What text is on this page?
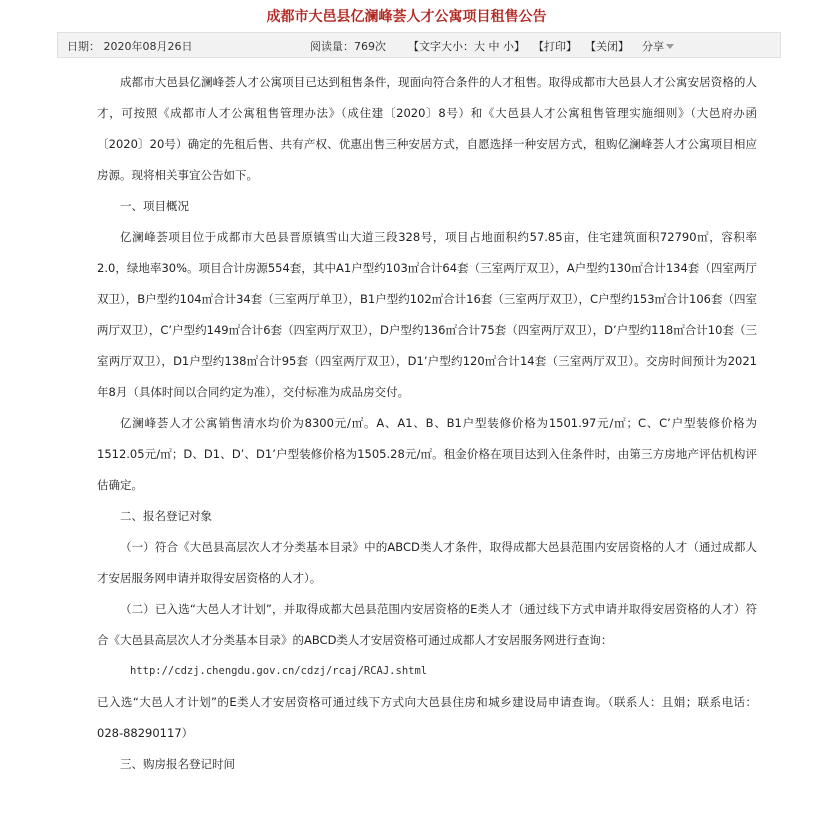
成都市大邑县亿澜峰荟人才公寓项目租售公告
日期： 2020年08月26日	阅读量：769次 【文字大小：大 中 小】 【打印】 【关闭】 分享

成都市大邑县亿澜峰荟人才公寓项目已达到租售条件，现面向符合条件的人才租售。取得成都市大邑县人才公寓安居资格的人才，可按照《成都市人才公寓租售管理办法》（成住建〔2020〕8号）和《大邑县人才公寓租售管理实施细则》（大邑府办函〔2020〕20号）确定的先租后售、共有产权、优惠出售三种安居方式，自愿选择一种安居方式，租购亿澜峰荟人才公寓项目相应房源。现将相关事宜公告如下。

一、项目概况

亿澜峰荟项目位于成都市大邑县晋原镇雪山大道三段328号，项目占地面积约57.85亩，住宅建筑面积72790㎡，容积率2.0，绿地率30%。项目合计房源554套，其中A1户型约103㎡合计64套（三室两厅双卫），A户型约130㎡合计134套（四室两厅双卫），B户型约104㎡合计34套（三室两厅单卫），B1户型约102㎡合计16套（三室两厅双卫），C户型约153㎡合计106套（四室两厅双卫），C’户型约149㎡合计6套（四室两厅双卫），D户型约136㎡合计75套（四室两厅双卫），D’户型约118㎡合计10套（三室两厅双卫），D1户型约138㎡合计95套（四室两厅双卫），D1’户型约120㎡合计14套（三室两厅双卫）。交房时间预计为2021年8月（具体时间以合同约定为准），交付标准为成品房交付。

亿澜峰荟人才公寓销售清水均价为8300元/㎡。A、A1、B、B1户型装修价格为1501.97元/㎡；C、C’户型装修价格为1512.05元/㎡；D、D1、D’、D1’户型装修价格为1505.28元/㎡。租金价格在项目达到入住条件时，由第三方房地产评估机构评估确定。

二、报名登记对象

（一）符合《大邑县高层次人才分类基本目录》中的ABCD类人才条件，取得成都大邑县范围内安居资格的人才（通过成都人才安居服务网申请并取得安居资格的人才）。

（二）已入选“大邑人才计划”，并取得成都大邑县范围内安居资格的E类人才（通过线下方式申请并取得安居资格的人才）符合《大邑县高层次人才分类基本目录》的ABCD类人才安居资格可通过成都人才安居服务网进行查询：

http://cdzj.chengdu.gov.cn/cdzj/rcaj/RCAJ.shtml

已入选“大邑人才计划”的E类人才安居资格可通过线下方式向大邑县住房和城乡建设局申请查询。（联系人：且娟；联系电话：028-88290117）

三、购房报名登记时间
